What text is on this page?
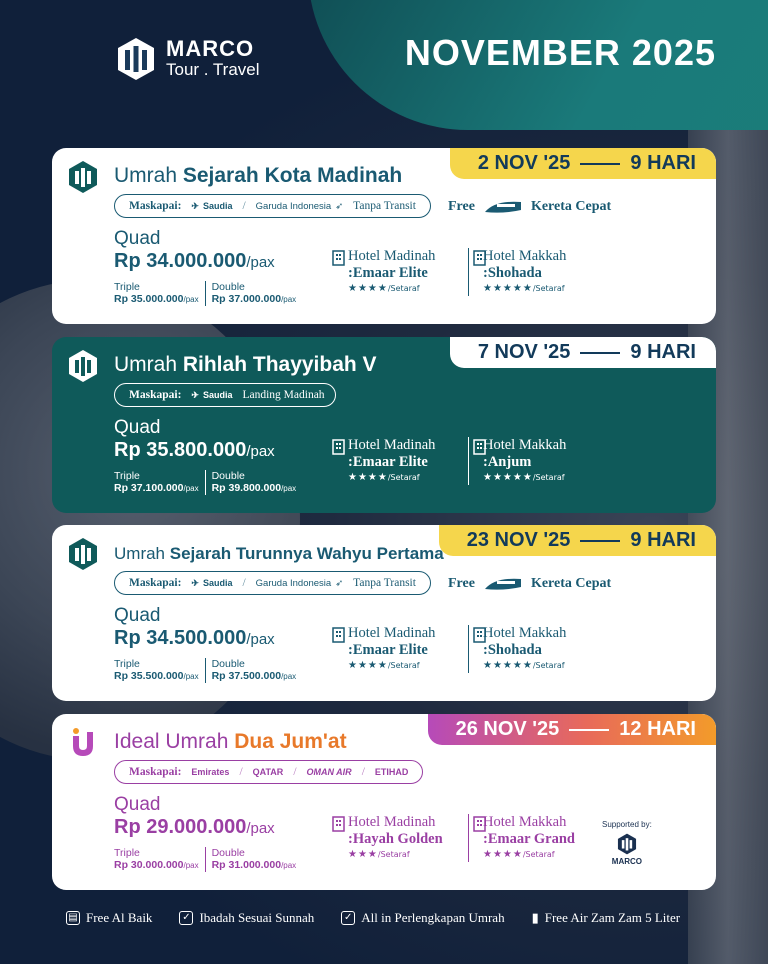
MARCO
Tour . Travel	NOVEMBER 2025
2 NOV '25	9 HARI
Umrah Sejarah Kota Madinah
Maskapai: ✈ Saudia / Garuda Indonesia ➶ Tanpa Transit Free	Kereta Cepat
Quad
Rp 34.000.000/pax
Triple
Rp 35.000.000/pax
Double
Rp 37.000.000/pax
Hotel Madinah
:Emaar Elite
★★★★/Setaraf
Hotel Makkah
:Shohada
★★★★★/Setaraf
7 NOV '25	9 HARI
Umrah Rihlah Thayyibah V
Maskapai: ✈ Saudia Landing Madinah
Quad
Rp 35.800.000/pax
Triple
Rp 37.100.000/pax
Double
Rp 39.800.000/pax
Hotel Madinah
:Emaar Elite
★★★★/Setaraf
Hotel Makkah
:Anjum
★★★★★/Setaraf
23 NOV '25	9 HARI
Umrah Sejarah Turunnya Wahyu Pertama
Maskapai: ✈ Saudia / Garuda Indonesia ➶ Tanpa Transit Free	Kereta Cepat
Quad
Rp 34.500.000/pax
Triple
Rp 35.500.000/pax
Double
Rp 37.500.000/pax
Hotel Madinah
:Emaar Elite
★★★★/Setaraf
Hotel Makkah
:Shohada
★★★★★/Setaraf
26 NOV '25	12 HARI
Ideal Umrah Dua Jum'at
Maskapai: Emirates / QATAR / OMAN AIR / ETIHAD
Quad
Rp 29.000.000/pax
Triple
Rp 30.000.000/pax
Double
Rp 31.000.000/pax
Hotel Madinah
:Hayah Golden
★★★/Setaraf
Hotel Makkah
:Emaar Grand
★★★★/Setaraf
Supported by:
MARCO
▤ Free Al Baik	✓ Ibadah Sesuai Sunnah	✓ All in Perlengkapan Umrah ▮ Free Air Zam Zam 5 Liter
